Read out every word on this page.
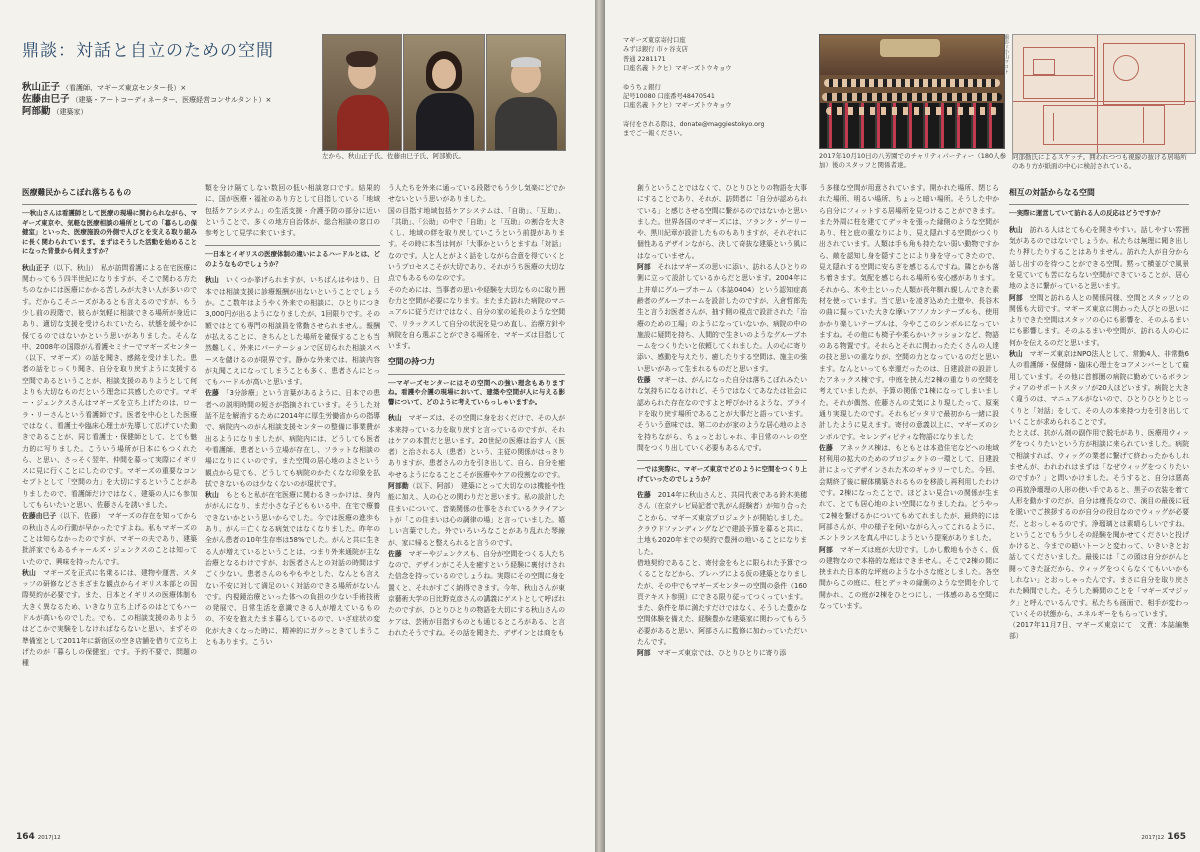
鼎談：対話と自立のための空間
秋山正子 （看護師、マギーズ東京センター長）×
佐藤由巳子 （建築・アートコーディネーター、医療経営コンサルタント）×
阿部勤 （建築家）
左から、秋山正子氏、佐藤由巳子氏、阿部勤氏。
医療難民からこぼれ落ちるもの
──秋山さんは看護師として医療の現場に関わられながら、マギーズ東京や、気軽な医療相談の場所としての「暮らしの保健室」といった、医療施設の外側で人びとを支える取り組みに長く関わられています。まずはそうした活動を始めることになった背景から伺えますか？

秋山正子（以下、秋山）　私が訪問看護による在宅医療に関わってもう四半世紀になりますが、そこで関わる方たちのなかには医療にかかる苦しみが大きい人が多いのです。だからこそニーズがあるとも言えるのですが、もう少し前の段階で、彼らが気軽に相談できる場所が身近にあり、適切な支援を受けられていたら、状態を緩やかに保てるのではないかという思いがありました。そんな中、2008年の国際がん看護セミナーでマギーズセンター（以下、マギーズ）の話を聞き、感銘を受けました。患者の話をじっくり聞き、自分を取り戻すように支援する空間であるということが、相談支援のありようとして何よりも大切なものだという理念に共感したのです。マギー・ジェンクスさんはマギーズを立ち上げたのは、ローラ・リーさんという看護師です。医者を中心とした医療ではなく、看護士や臨床心理士が先導して広げていた動きであることが、同じ看護士・保健師として、とても魅力的に写りました。こういう場所が日本にもつくれたら、と思い、さっそく翌年、仲間を募って実際にイギリスに見に行くことにしたのです。マギーズの重要なコンセプトとして「空間の力」を大切にするということがありましたので、看護師だけではなく、建築の人にも参加してもらいたいと思い、佐藤さんを誘いました。

佐藤由巳子（以下、佐藤）　マギーズの存在を知ってからの秋山さんの行動が早かったですよね。私もマギーズのことは知らなかったのですが、マギーの夫であり、建築批評家でもあるチャールズ・ジェンクスのことは知っていたので、興味を持ったんです。

秋山　 マギーズを正式に名乗るには、建物や運営、スタッフの研修などさまざまな観点からイギリス本部との国際契約が必要です。また、日本とイギリスの医療体制も大きく異なるため、いきなり立ち上げるのはとてもハードルが高いものでした。でも、この相談支援のありようはどこかで実験をしなければならないと思い、まずその準備室として2011年に新宿区の空き店舗を借りて立ち上げたのが「暮らしの保健室」です。予約不要で、問題の種

類を分け隔てしない数回の低い相談窓口です。結果的に、国が医療・福祉のあり方として目指している「地域包括ケアシステム」の生活支援・介護予防の部分に近いということで、多くの地方自治体が、総合相談の窓口の参考として見学に来ています。

──日本とイギリスの医療体制の違いによるハードルとは、どのようなものでしょうか？

秋山　 いくつか挙げられますが、いちばんはやはり、日本では相談支援に診療報酬が出ないということでしょうか。ここ数年はようやく外来での相談に、ひとりにつき3,000円が出るようになりましたが、1回限りです。その額ではとても専門の相談員を常勤させられません。報酬が払えることに、きちんとした場所を確保することも当然難しく、外来にパーテーションで区切られた相談スペースを儲けるのが限界です。静かな外来では、相談内容が丸聞こえになってしまうことも多く、患者さんにとってもハードルが高いと思います。

佐藤　 「3分診療」という言葉があるように、日本での患者への説明時間の短さが指摘されています。そうした対話不足を解消するために2014年に厚生労働省からの指導で、病院内へのがん相談支援センターの整備に事業費が出るようになりましたが、病院内には、どうしても医者や看護師、患者という立場が存在し、フラットな相談の場になりにくいのです。また空間の居心地のよさという観点から見ても、どうしても病院のかたくなな印象を払拭できないものは少なくないのが現状です。

秋山　 もともと私が在宅医療に関わるきっかけは、身内ががんになり、まだ小さな子どももいる中、在宅で療養できないかという思いからでした。今では医療の進歩もあり、がん＝亡くなる病気ではなくなりました。昨年の全がん患者の10年生存率は58%でした。がんと共に生きる人が増えているということは、つまり外来通院が主な治療となるわけですが、お医者さんとの対話の時間はすごく少ない。患者さんのもやもやとした、なんとも言えない不安に対して満足のいく対話のできる場所がないんです。内視鏡治療といった体への負担の少ない手術技術の発展で、日常生活を意識できる人が増えているものの、不安を抱えたまま暮らしているので、いざ症状の変化が大きくなった時に、精神的にガクっときてしまうこともあります。こうい

う人たちを外来に通っている段階でもう少し気楽にどでかせないという思いがありました。

国の目指す地域包括ケアシステムは、「自助」、「互助」、「共助」、「公助」の中で「自助」と「互助」の割合を大きくし、地域の絆を取り戻していこうという前提があります。その時に本当は何が「大事かというとますね「対話」なのです。人と人とがよく話をしながら合意を得ていくというプロセスこそが大切であり、それがうち医療の大切な点でもあるものなのです。

そのためには、当事者の思いや経験を大切なものに取り囲む力と空間が必要になります。またまた訪れた病院のマニュアルに従うだけではなく、自分の家の延長のような空間で、リラックスして自分の状況を見つめ直し、治療方針や病院を自ら選ぶことができる場所を、マギーズは目指しています。

空間の持つ力
──マギーズセンターにはその空間への強い理念もありますね。看護や介護の現場において、建築や空間が人に与える影響について、どのように考えていらっしゃいますか。

秋山　 マギーズは、その空間に身をおくだけで、その人が本来持っている力を取り戻すと言っているのですが、それはケアの本質だと思います。20世紀の医療は治す人（医者）と治される人（患者）という、主従の関係がはっきりありますが、患者さんの力を引き出して、自ら、自分を癒やせるようになることこそが医療やケアの役割なのです。

阿部勤（以下、阿部）　建築にとって大切なのは機能や性能に加え、人の心との関わりだと思います。私の設計した住まいについて、音楽関係の仕事をされているクライアントが「この住まいは心の調律の場」と言っていました。嬉しい言葉でした。外でいろいろなことがあり乱れた琴線が、家に帰ると整えられると言うのです。

佐藤　 マギーやジェンクスも、自分が空間をつくる人たちなので、デザインがこそ人を癒すという経験に裏付けされた信念を持っているのでしょうね。実際にその空間に身を置くと、それがすごく納得できます。今年、秋山さんが東京藝術大学の日比野克彦さんの講義にゲストとして呼ばれたのですが、ひとりひとりの物語を大切にする秋山さんのケアは、芸術が目指すものとも通じるところがある、と言われたそうですね。その話を聞きた、デザインとは商をも

164 2017|12
マギーズ東京寄付口座
みずほ銀行 市ヶ谷支店
普通 2281171
口座名義 トクヒ）マギーズトウキョウ
ゆうちょ銀行
記号10080 口座番号48470541
口座名義 トクヒ）マギーズトウキョウ
寄付をされる際は、donate@maggiestokyo.org
までご一報ください。
撮影＝小山マコト
2017年10月10日の八芳園でのチャリティパーティー（180人参加）後のスタッフと関係者達。
阿部勤氏によるスケッチ。囲われつつも視線の抜ける居場所のあり方が紙面の中心に検討されている。

創うということではなくて、ひとりひとりの物語を大事にすることであり、それが、訪問者に「自分が認められている」と感じさせる空間に繋がるのではないかと思いました。世界各国のマギーズには、フランク・ゲーリーや、黒川紀章が設計したものもありますが、それぞれに個性あるデザインながら、決して奇抜な建築という風にはなっていません。

阿部　 それはマギーズの思いに添い、訪れる人ひとりの側に立って設計しているからだと思います。2004年に上井草にグループホーム（本誌0404）という認知症高齢者のグループホームを設計したのですが、入倉哲郎先生と言うお医者さんが、抽す側の視点で設計された「治療のための工場」のようになっていないか、病院の中の施設に疑問を持ち、人間的で生きいのようなグループホームをつくりたいと依頼してくれました。人の心に寄り添い、感動を与えたり、癒したりする空間は、施主の強い思いがあって生まれるものだと思います。

佐藤　 マギーは、がんになった自分は落ちこぼれみたいな気持ちになるけれど、そうではなくてあなたは社会に認められた存在なのですよと呼びかけるような、プライドを取り戻す場所であることが大事だと語っています。そういう意味では、第二のわが家のような居心地のよさを持ちながら、ちょっとおしゃれ、非日常のハレの空間をつくり出していく必要もあるんです。

──では実際に、マギーズ東京でどのように空間をつくり上げていったのでしょうか？

佐藤　 2014年に秋山さんと、共同代表である鈴木美穂さん（在京テレビ局記者で乳がん経験者）が知り合ったことから、マギーズ東京プロジェクトが開始しました。クラウドファンディングなどで建設予算を募ると共に、土地も2020年までの契約で豊洲の地いることになりました。

借地契約であること、寄付金をもとに限られた予算でつくることなどから、プレハブによる仮の建築となりましたが、その中でもマギーズセンターの空間の条件（160頁テキスト参照）にできる限り従ってつくっています。また、条件を単に満たすだけではなく、そうした豊かな空間体験を備えた、経験豊かな建築家に関わってもらう必要があると思い、阿部さんに監修に加わっていただいたんです。

阿部　 マギーズ東京では、ひとりひとりに寄り添

う多様な空間が用意されています。開かれた場所、閉じられた場所、明るい場所、ちょっと暗い場所。そうした中から自分にフィットする居場所を見つけることができます。また外周に柱を建ててデッキを張った縁側のような空間があり、柱と庇の重なりにより、見え隠れする空間がつくり出されています。人類は手も角も持たない弱い動物ですから、敵を認知し身を隠すことにより身を守ってきたので、見え隠れする空間に安らぎを感じるんですね。隣とかも落ち着きます。気配を感じられる場所も安心感があります。それから、木や土といった人類が長年馴れ親しんできた素材を使っています。当て思いを凌ぎ込めた土壁や、長谷木の曲に掘っていた大きな摩いアフノカンテーブルも、使用かかり楽しいテーブルは、今やここのシンボルになっていますね。その他にも椅子や柔らかいクッションなど、物語のある物置です。それらとそれに関わったたくさんの人達の技と思いの重なりが、空間の力となっているのだと思います。なんといっても幸運だったのは、日建設計の設計したアネックス棟です。中庭を挟んだ2棟の重なりの空間を考えていましたが、予算の関係で1棟になってしまいました。それが偶然、佐藤さんの丈気により現したって、原案通り実現したのです。それもピッタリで最初から一緒に設計したように見えます。寄付の意義以上に、マギーズのシンボルです。セレンディピティな物語になりました

佐藤　 アネックス棟は、もともとは本造住宅などへの地域材利用の拡大のためのプロジェクトの一環として、日建設計によってデザインされた木のギャラリーでした。今回、会期終了後に解体構築されるものを移設し再利用したわけです。2棟になったことで、ほどよい見合いの関係が生まれて、とても居心地のよい空間になりましたね。どうやって2棟を繋げるかについてもめてれましたが、最終的には阿部さんが、中の様子を伺いながら入ってこれるように、エントランスを真ん中にしようという提案がありました。

阿部　 マギーズは庭が大切です。しかし敷地も小さく、仮の建物なので本格的な庭はできません。そこで2棟の間に挟まれた日本的な坪庭のような小さな庭としました。各空間からこの庭に、柱とデッキの縁側のような空間を介して開かれ、この庭が2棟をひとつにし、一体感のある空間になっています。

相互の対話からなる空間
──実際に運営していて訪れる人の反応はどうですか？

秋山　 訪れる人はとても心を開きやすい。話しやすい雰囲気があるのではないでしょうか。私たちは無理に聞き出したり押したりすることはありません。訪れた人が自分から話し出すのを待つことができる空間。黙って横並びで風景を見ていても苦にならない空間ができていることが、居心地のよさに繋がっていると思います。

阿部　 空間と訪れる人との関係同様、空間とスタッフとの関係も大切です。マギーズ東京に関わった人びとの思いによりできた空間はスタッフの心にも影響を、そのふるまいにも影響します。そのふるまいや空間が、訪れる人の心に何かを伝えるのだと思います。

秋山　 マギーズ東京はNPO法人として、常勤4人、非常勤6人の看護師・保健師・臨床心理士をコアメンバーとして雇用しています。その他に首都圏の病院に勤めているボランティアのサポートスタッフが20人ほどいます。病院と大きく違うのは、マニュアルがないので、ひとりひとりとじっくりと「対話」をして、その人の本来持つ力を引き出していくことが求められることです。

たとえば、抗がん剤の副作用で脱毛があり、医療用ウィッグをつくりたいという方が相談に来られていました。病院で相談すれば、ウィッグの業者に繋げて終わったかもしれませんが、われわれはまずは「なぜウィッグをつくりたいのですか？」と問いかけました。そうすると、自分は悪高の再放浄壇理の人形の使い手であると、黒子の衣装を着て人形を動かすのだが、自分は痩長なので、演目の最後に冠を脱いでご挨拶するのが自分の役目なのでウィッグが必要だ、とおっしゃるのです。浄瑠璃とは素晴らしいですね、ということでもう少しその経験を聞かせてくださいと投げかけると、今までの暗いトーンと変わって、いきいきとお話してくださいました。最後には「この頭は自分ががんと闘ってきた証だから、ウィッグをつくらなくてもいいかもしれない」とおっしゃったんです。まさに自分を取り戻された瞬間でした。そうした瞬間のことを「マギーズマジック」と呼んでいるんです。私たちも画面で、相手が変わっていくその状態から、エネルギーをもらっています。

（2017年11月7日、マギーズ東京にて　文責：本誌編集部）

2017|12 165
